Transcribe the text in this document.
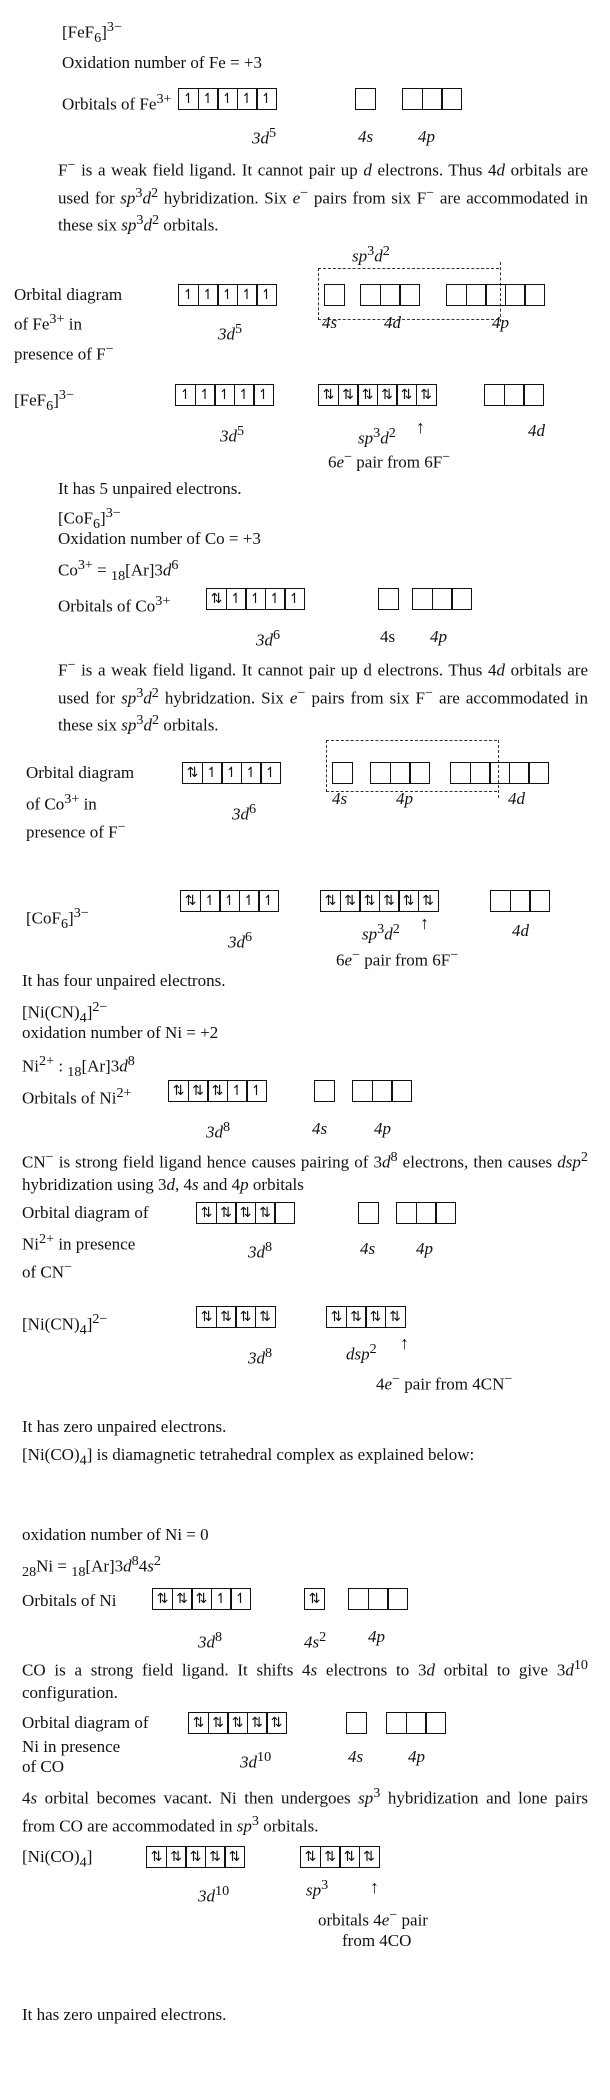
$[FeF_6]^{3-}$
Oxidation number of Fe = +3
Orbitals of $Fe^{3+}$ ↿ ↿ ↿ ↿ ↿
$3d^5$	4s	4p
F− is a weak field ligand. It cannot pair up d electrons. Thus 4d orbitals are used for $sp^3d^2$ hybridization. Six e− pairs from six F− are accommodated in these six $sp^3d^2$ orbitals.
$sp^3d^2$
Orbital diagram
of $Fe^{3+}$ in
presence of F−
↿ ↿ ↿ ↿ ↿
$3d^5$	4s	4d	4p
$[FeF_6]^{3-}$	↿ ↿ ↿ ↿ ↿	⇅ ⇅ ⇅ ⇅ ⇅ ⇅
$3d^5$	$sp^3d^2$ ↑	4d
6e− pair from 6F−
It has 5 unpaired electrons.
$[CoF_6]^{3-}$
Oxidation number of Co = +3
$Co^{3+} = _{18}[Ar]3d^6$
Orbitals of $Co^{3+}$	⇅ ↿ ↿ ↿ ↿
$3d^6$	4s 4p
F− is a weak field ligand. It cannot pair up d electrons. Thus 4d orbitals are used for $sp^3d^2$ hybridzation. Six e− pairs from six F− are accommodated in these six $sp^3d^2$ orbitals.
Orbital diagram
of $Co^{3+}$ in
presence of F−
⇅ ↿ ↿ ↿ ↿
$3d^6$
4s	4p	4d
$[CoF_6]^{3-}$
⇅ ↿ ↿ ↿ ↿	⇅ ⇅ ⇅ ⇅ ⇅ ⇅
$3d^6$	$sp^3d^2$ ↑	4d
6e− pair from 6F−
It has four unpaired electrons.
$[Ni(CN)_4]^{2-}$
oxidation number of Ni = +2
$Ni^{2+}$ : $_{18}[Ar]3d^8$
Orbitals of $Ni^{2+}$	⇅ ⇅ ⇅ ↿ ↿
$3d^8$	4s	4p
CN− is strong field ligand hence causes pairing of $3d^8$ electrons, then causes dsp$^2$ hybridization using 3d, 4s and 4p orbitals
Orbital diagram of
$Ni^{2+}$ in presence
of CN−
⇅ ⇅ ⇅ ⇅
$3d^8$	4s 4p
$[Ni(CN)_4]^{2-}$	⇅ ⇅ ⇅ ⇅	⇅ ⇅ ⇅ ⇅
$3d^8$	dsp$^2$ ↑
4e− pair from 4CN−
It has zero unpaired electrons.
$[Ni(CO)_4]$ is diamagnetic tetrahedral complex as explained below:
oxidation number of Ni = 0
$_{28}Ni = _{18}[Ar]3d^84s^2$
Orbitals of Ni	⇅ ⇅ ⇅ ↿ ↿	⇅
$3d^8$	$4s^2$ 4p
CO is a strong field ligand. It shifts 4s electrons to 3d orbital to give $3d^{10}$ configuration.
Orbital diagram of
Ni in presence
of CO
⇅ ⇅ ⇅ ⇅ ⇅
$3d^{10}$	4s	4p
4s orbital becomes vacant. Ni then undergoes $sp^3$ hybridization and lone pairs from CO are accommodated in $sp^3$ orbitals.
$[Ni(CO)_4]$	⇅ ⇅ ⇅ ⇅ ⇅	⇅ ⇅ ⇅ ⇅
$3d^{10}$	$sp^3$ ↑
orbitals 4e− pair
from 4CO
It has zero unpaired electrons.
